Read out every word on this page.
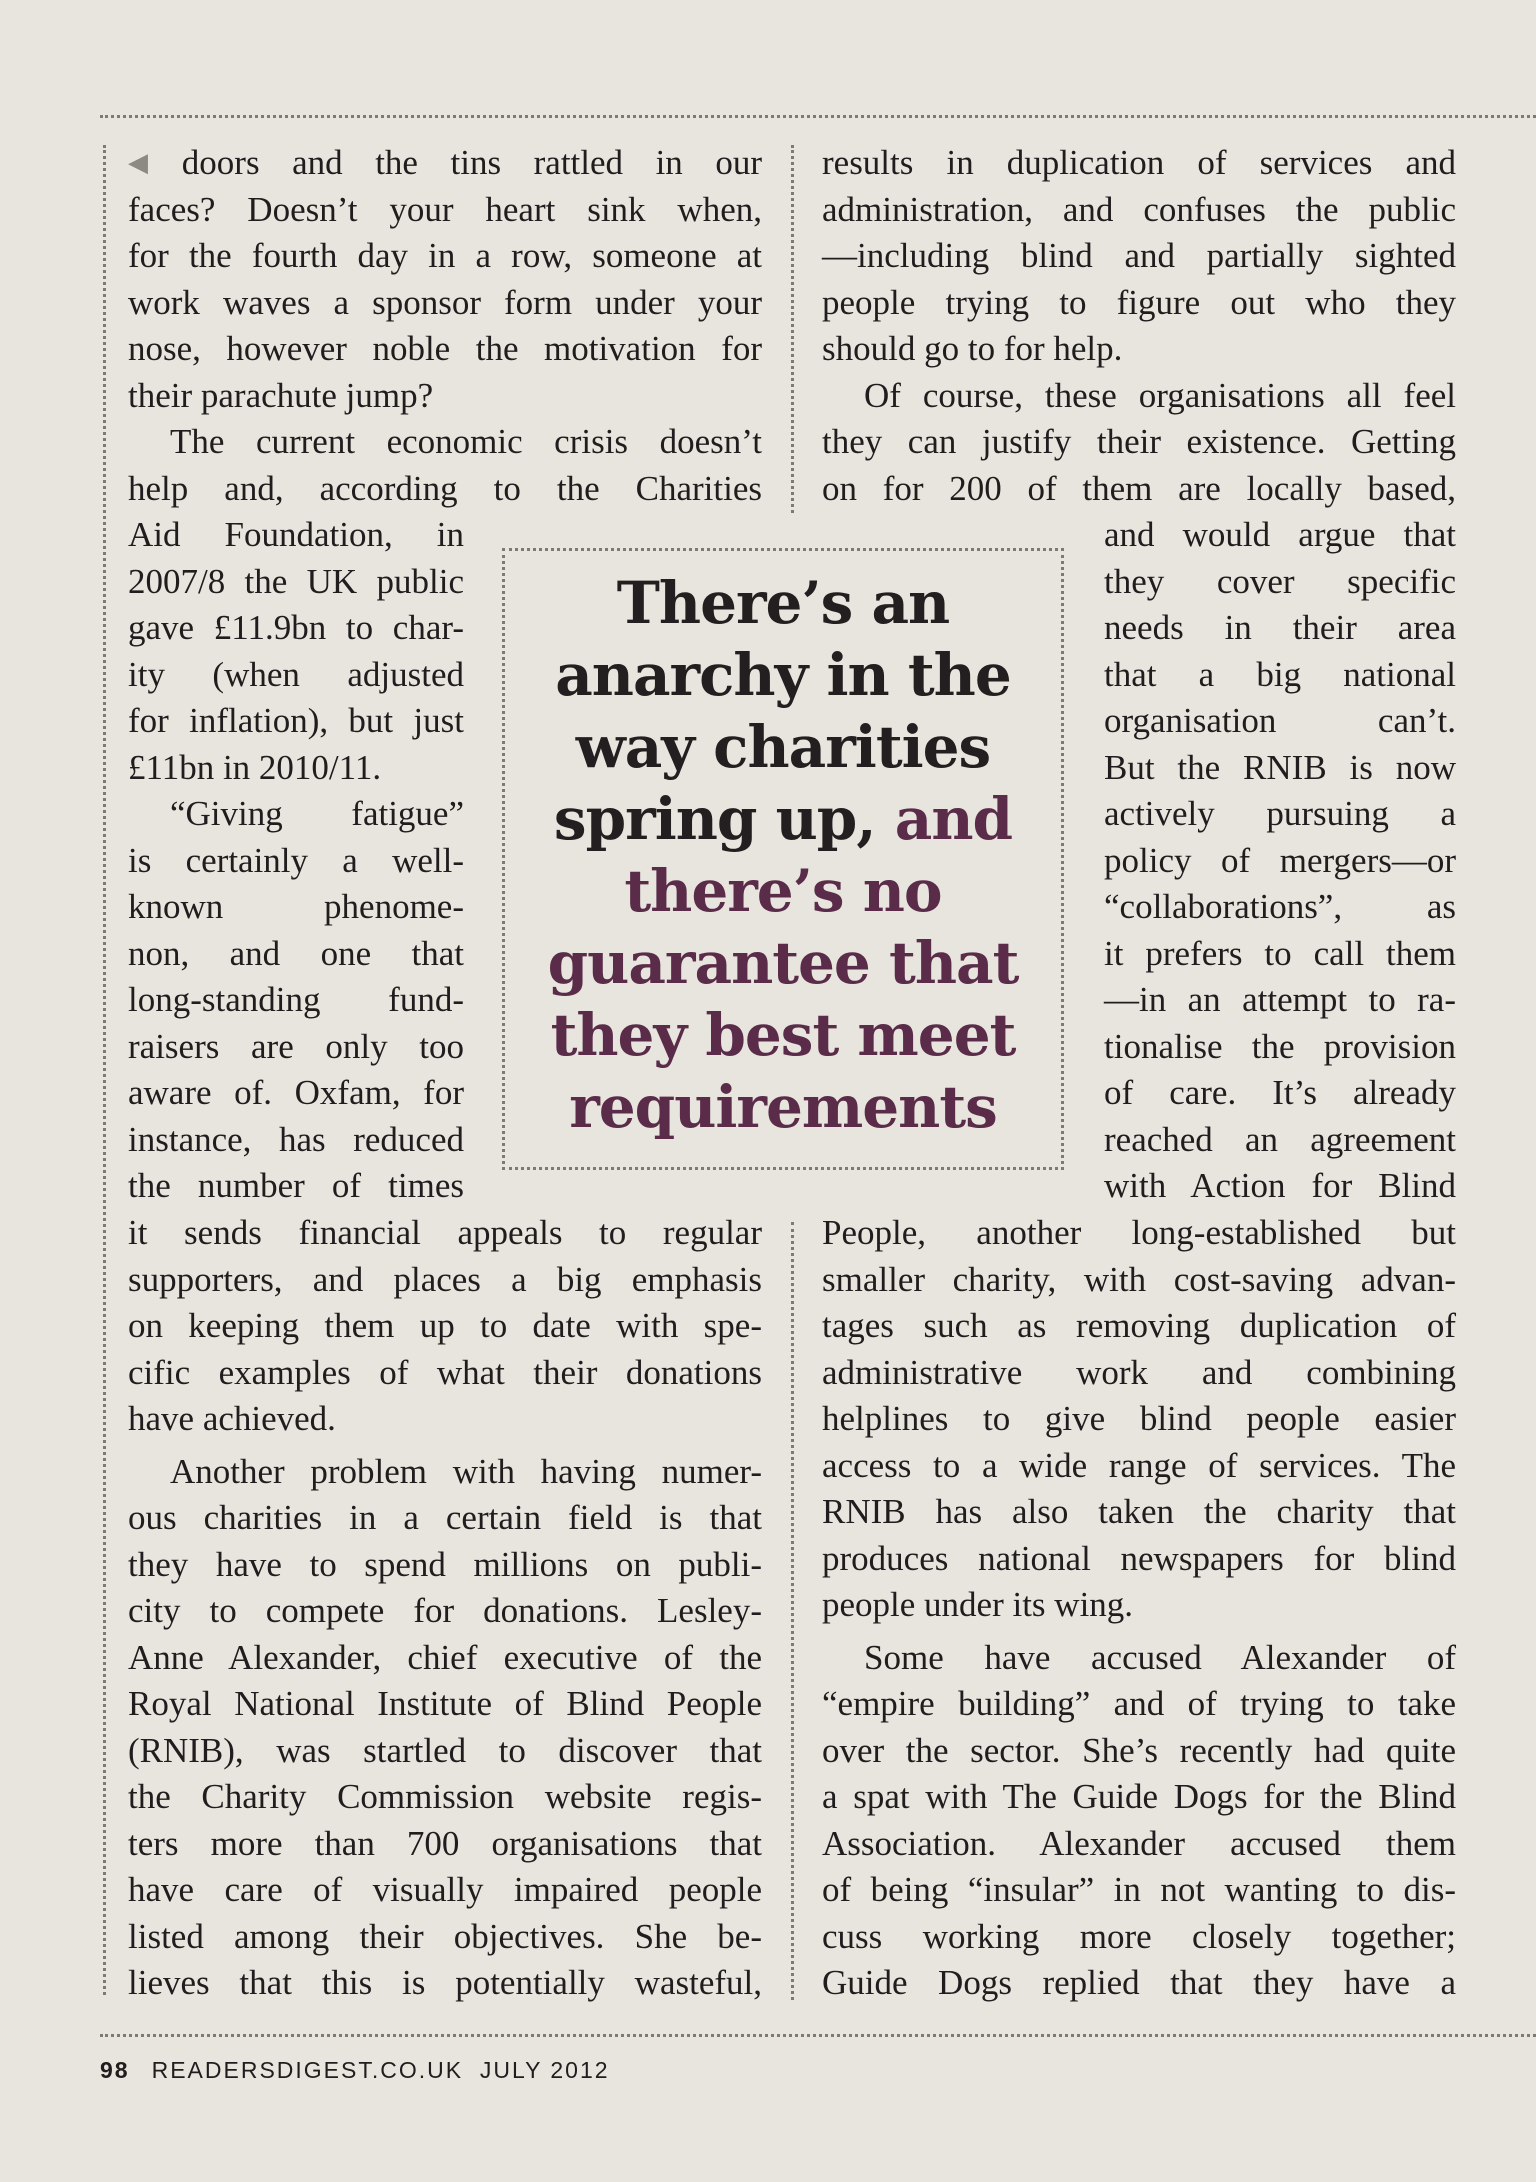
◀ doors and the tins rattled in our
faces? Doesn’t your heart sink when,
for the fourth day in a row, someone at
work waves a sponsor form under your
nose, however noble the motivation for
their parachute jump?
The current economic crisis doesn’t
help and, according to the Charities
Aid Foundation, in
2007/8 the UK public
gave £11.9bn to char-
ity (when adjusted
for inflation), but just
£11bn in 2010/11.
“Giving fatigue”
is certainly a well-
known phenome-
non, and one that
long-standing fund-
raisers are only too
aware of. Oxfam, for
instance, has reduced
the number of times
it sends financial appeals to regular
supporters, and places a big emphasis
on keeping them up to date with spe-
cific examples of what their donations
have achieved.
Another problem with having numer-
ous charities in a certain field is that
they have to spend millions on publi-
city to compete for donations. Lesley-
Anne Alexander, chief executive of the
Royal National Institute of Blind People
(RNIB), was startled to discover that
the Charity Commission website regis-
ters more than 700 organisations that
have care of visually impaired people
listed among their objectives. She be-
lieves that this is potentially wasteful,
results in duplication of services and
administration, and confuses the public
—including blind and partially sighted
people trying to figure out who they
should go to for help.
Of course, these organisations all feel
they can justify their existence. Getting
on for 200 of them are locally based,
and would argue that
they cover specific
needs in their area
that a big national
organisation can’t.
But the RNIB is now
actively pursuing a
policy of mergers—or
“collaborations”, as
it prefers to call them
—in an attempt to ra-
tionalise the provision
of care. It’s already
reached an agreement
with Action for Blind
People, another long-established but
smaller charity, with cost-saving advan-
tages such as removing duplication of
administrative work and combining
helplines to give blind people easier
access to a wide range of services. The
RNIB has also taken the charity that
produces national newspapers for blind
people under its wing.
Some have accused Alexander of
“empire building” and of trying to take
over the sector. She’s recently had quite
a spat with The Guide Dogs for the Blind
Association. Alexander accused them
of being “insular” in not wanting to dis-
cuss working more closely together;
Guide Dogs replied that they have a
There’s an
anarchy in the
way charities
spring up, and
there’s no
guarantee that
they best meet
requirements
98 READERSDIGEST.CO.UK JULY 2012
